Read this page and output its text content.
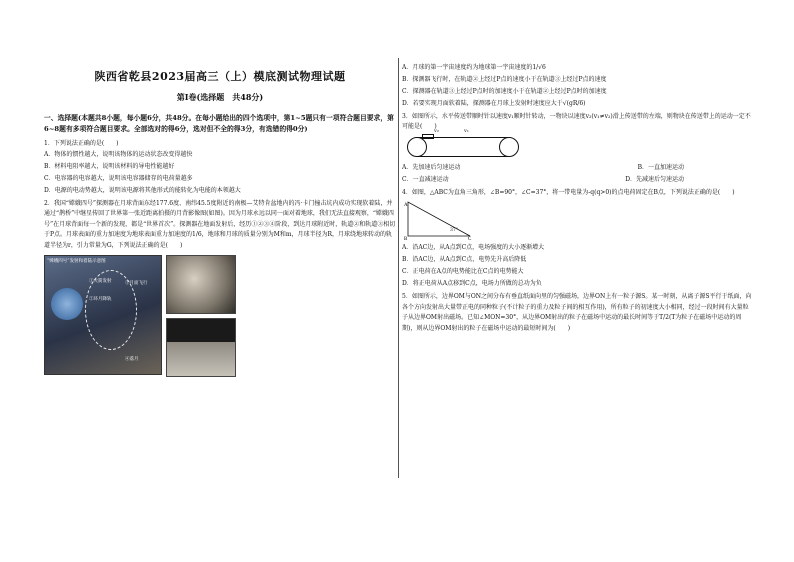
陕西省乾县2023届高三（上）模底测试物理试题
第Ⅰ卷(选择题　共48分)

一、选择题(本题共8小题，每小题6分，共48分。在每小题给出的四个选项中，第1~5题只有一项符合题目要求，第6~8题有多项符合题目要求。全部选对的得6分，选对但不全的得3分，有选错的得0分)

1．下列说法正确的是(　　)

A．物体的惯性越大，说明该物体的运动状态改变得越快

B．材料电阻率越大，说明该材料的导电性能越好

C．电容器的电容越大，说明该电容器储存的电荷量越多

D．电源的电动势越大，说明该电源将其他形式的能转化为电能的本领越大

2．我国“嫦娥四号”探测器在月球背面东经177.6度、南纬45.5度附近的南极—艾特肯盆地内的冯·卡门撞击坑内成功实现软着陆，并通过“鹊桥”中继星传回了世界第一张近距离拍摄的月背影像图(如图)。因为月球永远以同一面对着地球，我们无法直接观察，“嫦娥四号”在月球背面每一个新的发现，都是“世界首次”。探测器在地面发射后，经历①②③④阶段，到达月球附近时，轨道②和轨道③相切于P点。月球表面的重力加速度为地球表面重力加速度的1/6，地球和月球的质量分别为M和m，月球半径为R，月球绕地球转动的轨道半径为r，引力常量为G，下列说法正确的是(　　)

“嫦娥四号”发射和着陆示意图
①火箭发射
②环月降轨
③月面飞行
④落月

A．月球的第一宇宙速度约为地球第一宇宙速度的1/√6

B．探测器飞行时，在轨道②上经过P点的速度小于在轨道③上经过P点的速度

C．探测器在轨道③上经过P点时的加速度小于在轨道②上经过P点时的加速度

D．若要实现月面软着陆，探测器在月球上发射时速度应大于√(gR/6)

3．如图所示，水平传送带顺时针以速度v₁顺时针转动，一物块以速度v₂(v₁≠v₂)滑上传送带的左端，则物块在传送带上的运动一定不可能是(　　)

v₂	v₁
A．先加速后匀速运动	B．一直加速运动
C．一直减速运动	D．先减速后匀速运动

4．如图，△ABC为直角三角形，∠B=90°，∠C=37°，将一带电量为-q(q>0)的点电荷固定在B点，下列说法正确的是(　　)

A
B	C
37°

A．沿AC边，从A点到C点，电场强度的大小逐渐增大

B．沿AC边，从A点到C点，电势先升高后降低

C．正电荷在A点的电势能比在C点的电势能大

D．将正电荷从A点移到C点，电场力所做的总功为负

5．如图所示，边界OM与ON之间分布有垂直纸面向里的匀强磁场，边界ON上有一粒子源S。某一时刻，从离子源S平行于纸面，向各个方向发射出大量带正电的同种粒子(不计粒子的重力及粒子间的相互作用)，所有粒子的初速度大小相同，经过一段时间有大量粒子从边界OM射出磁场。已知∠MON=30°，从边界OM射出的粒子在磁场中运动的最长时间等于T/2(T为粒子在磁场中运动的周期)，则从边界OM射出的粒子在磁场中运动的最短时间为(　　)
